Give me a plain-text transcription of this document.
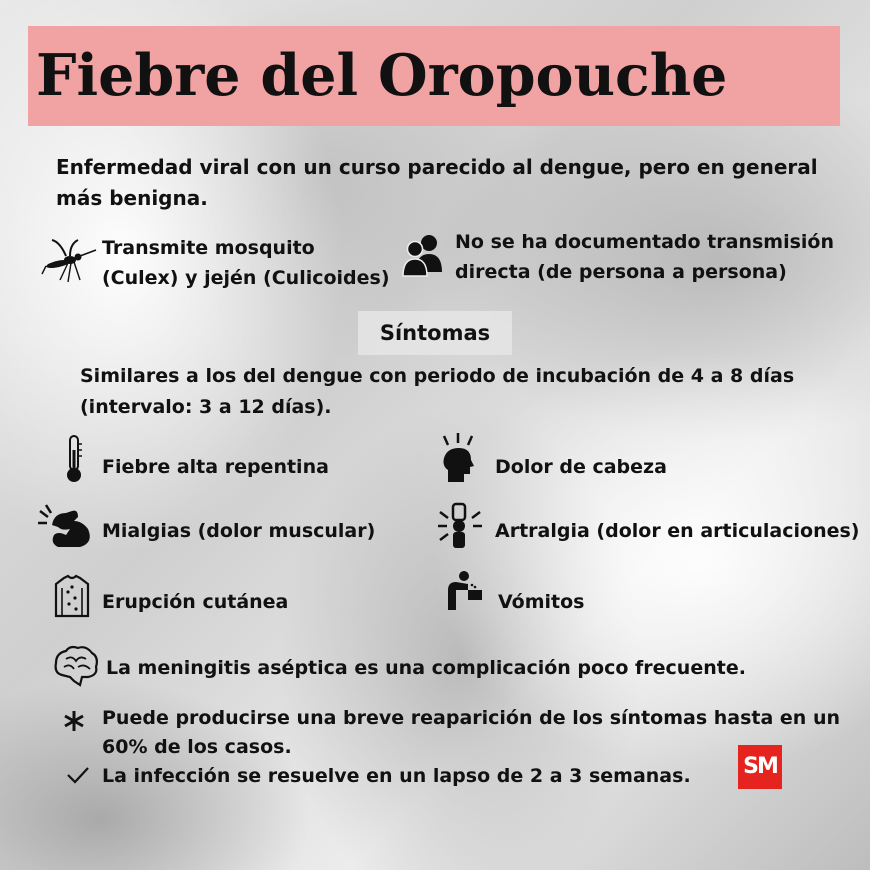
Fiebre del Oropouche
Enfermedad viral con un curso parecido al dengue, pero en general
más benigna.
Transmite mosquito
(Culex) y jején (Culicoides)
No se ha documentado transmisión
directa (de persona a persona)
Síntomas
Similares a los del dengue con periodo de incubación de 4 a 8 días
(intervalo: 3 a 12 días).
Fiebre alta repentina	Dolor de cabeza
Mialgias (dolor muscular)	Artralgia (dolor en articulaciones)
Erupción cutánea	Vómitos
La meningitis aséptica es una complicación poco frecuente.
Puede producirse una breve reaparición de los síntomas hasta en un
60% de los casos.
La infección se resuelve en un lapso de 2 a 3 semanas. SM
